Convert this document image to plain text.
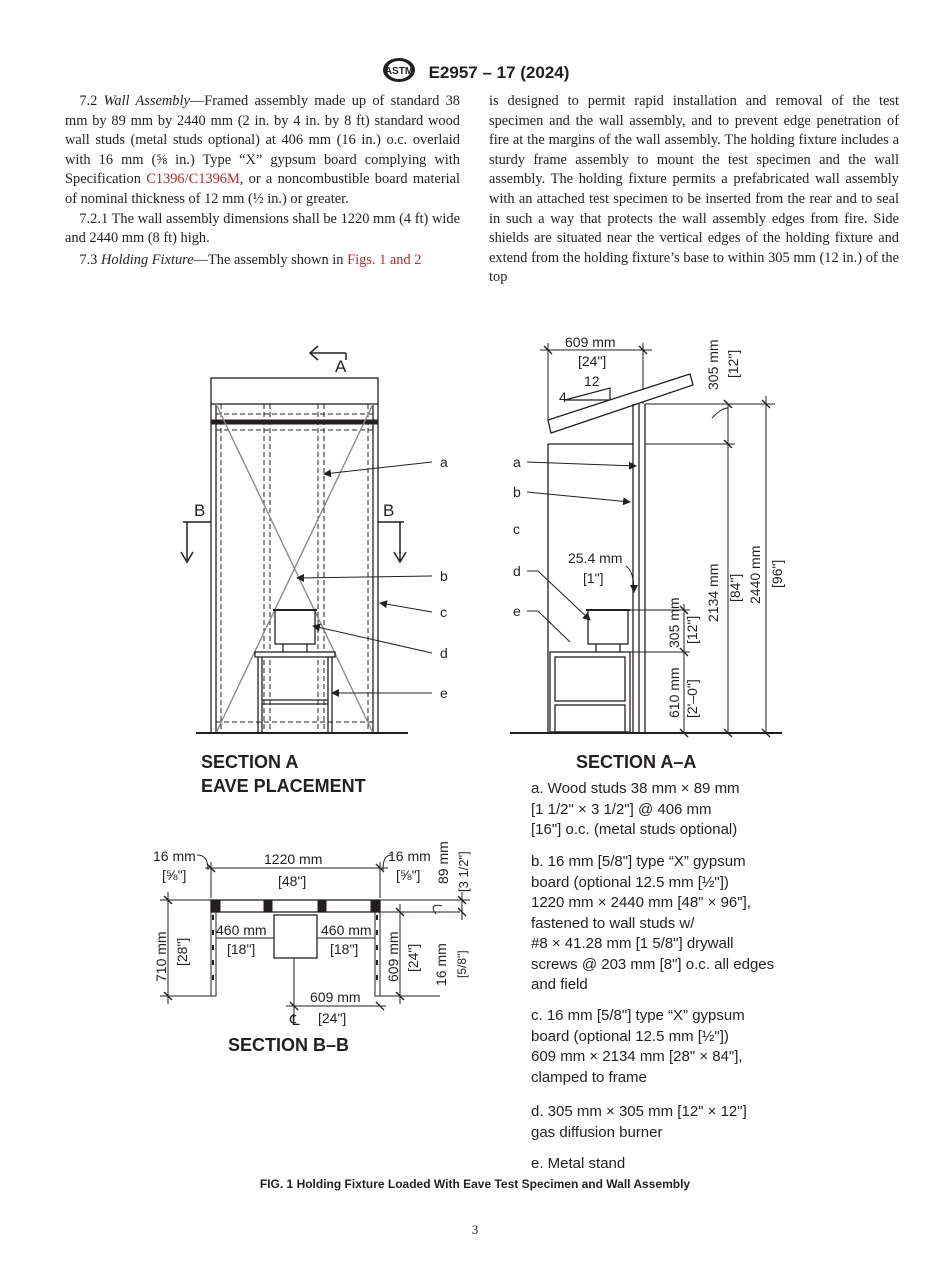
ASTM E2957 – 17 (2024)

 7.2 Wall Assembly—Framed assembly made up of standard 38 mm by 89 mm by 2440 mm (2 in. by 4 in. by 8 ft) standard wood wall studs (metal studs optional) at 406 mm (16 in.) o.c. overlaid with 16 mm (⅝ in.) Type “X” gypsum board complying with Specification C1396/C1396M, or a noncombustible board material of nominal thickness of 12 mm (½ in.) or greater.

 7.2.1 The wall assembly dimensions shall be 1220 mm (4 ft) wide and 2440 mm (8 ft) high.

 7.3 Holding Fixture—The assembly shown in Figs. 1 and 2

is designed to permit rapid installation and removal of the test specimen and the wall assembly, and to prevent edge penetration of fire at the margins of the wall assembly. The holding fixture includes a sturdy frame assembly to mount the test specimen and the wall assembly. The holding fixture permits a prefabricated wall assembly with an attached test specimen to be inserted from the rear and to seal in such a way that protects the wall assembly edges from fire. Side shields are situated near the vertical edges of the holding fixture and extend from the holding fixture’s base to within 305 mm (12 in.) of the top

A
B	B
a
b
c
d
e
SECTION A
EAVE PLACEMENT
609 mm
[24"]
12
4
305 mm [12"]
a
b
c
d
e
25.4 mm
[1"]
305 mm [12"]
610 mm [2'–0"]
2134 mm [84"] 2440 mm [96"]
SECTION A–A
16 mm
[⅝"]
1220 mm
[48"]
16 mm
[⅝"] 89 mm [3 1/2"]
710 mm [28"]
460 mm
[18"]
460 mm
[18"] 609 mm [24"] 16 mm [5/8"]
609 mm
[24"]
℄
SECTION B–B
a. Wood studs 38 mm × 89 mm
[1 1/2" × 3 1/2"] @ 406 mm
[16"] o.c. (metal studs optional)
b. 16 mm [5/8"] type “X” gypsum
board (optional 12.5 mm [½"])
1220 mm × 2440 mm [48" × 96"],
fastened to wall studs w/
#8 × 41.28 mm [1 5/8"] drywall
screws @ 203 mm [8"] o.c. all edges
and field
c. 16 mm [5/8"] type “X” gypsum
board (optional 12.5 mm [½"])
609 mm × 2134 mm [28" × 84"],
clamped to frame
d. 305 mm × 305 mm [12" × 12"]
gas diffusion burner
e. Metal stand
FIG. 1 Holding Fixture Loaded With Eave Test Specimen and Wall Assembly
3
